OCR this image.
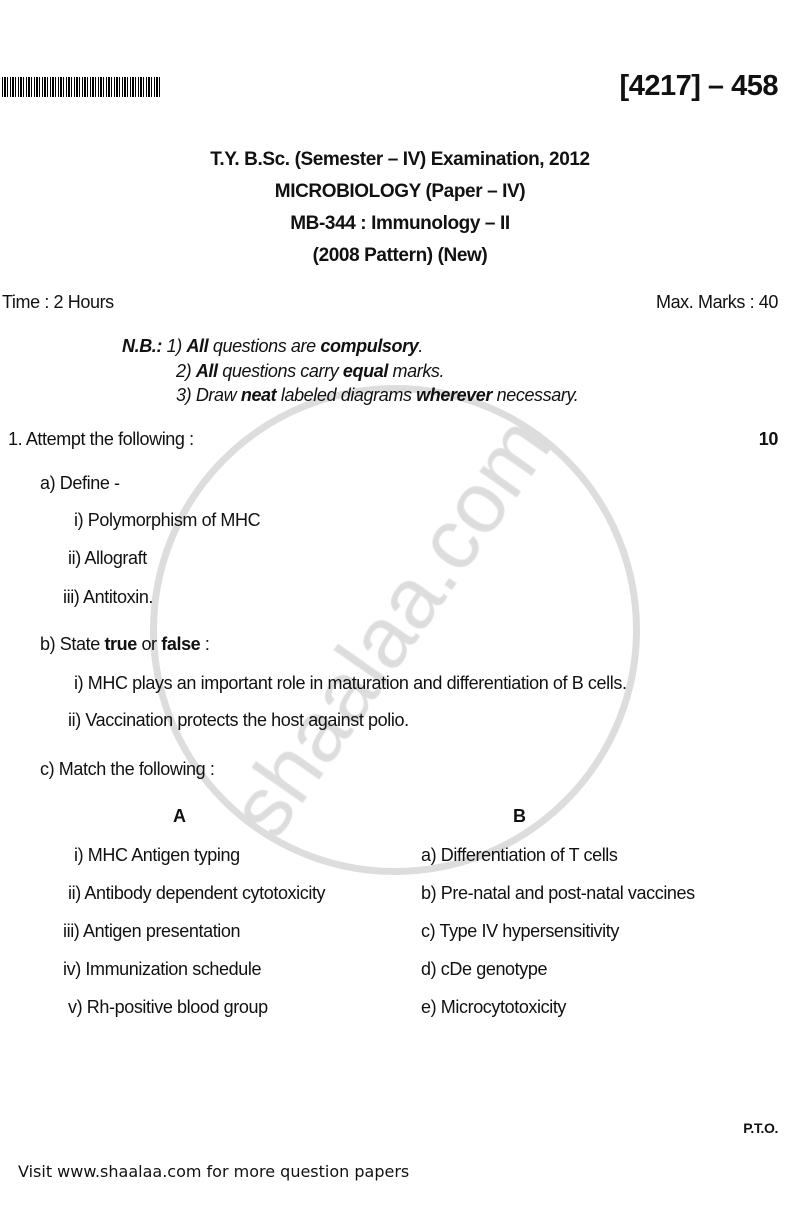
[4217] – 458
T.Y. B.Sc. (Semester – IV) Examination, 2012
MICROBIOLOGY (Paper – IV)
MB-344 : Immunology – II
(2008 Pattern) (New)
Time : 2 Hours	Max. Marks : 40
N.B.: 1) All questions are compulsory.
2) All questions carry equal marks.
3) Draw neat labeled diagrams wherever necessary.
1. Attempt the following :	10
a) Define -
i) Polymorphism of MHC
ii) Allograft
iii) Antitoxin.
b) State true or false :
i) MHC plays an important role in maturation and differentiation of B cells.
ii) Vaccination protects the host against polio.
c) Match the following :
A	B
i) MHC Antigen typing	a) Differentiation of T cells
ii) Antibody dependent cytotoxicity	b) Pre-natal and post-natal vaccines
iii) Antigen presentation	c) Type IV hypersensitivity
iv) Immunization schedule	d) cDe genotype
v) Rh-positive blood group	e) Microcytotoxicity
P.T.O.
Visit www.shaalaa.com for more question papers
